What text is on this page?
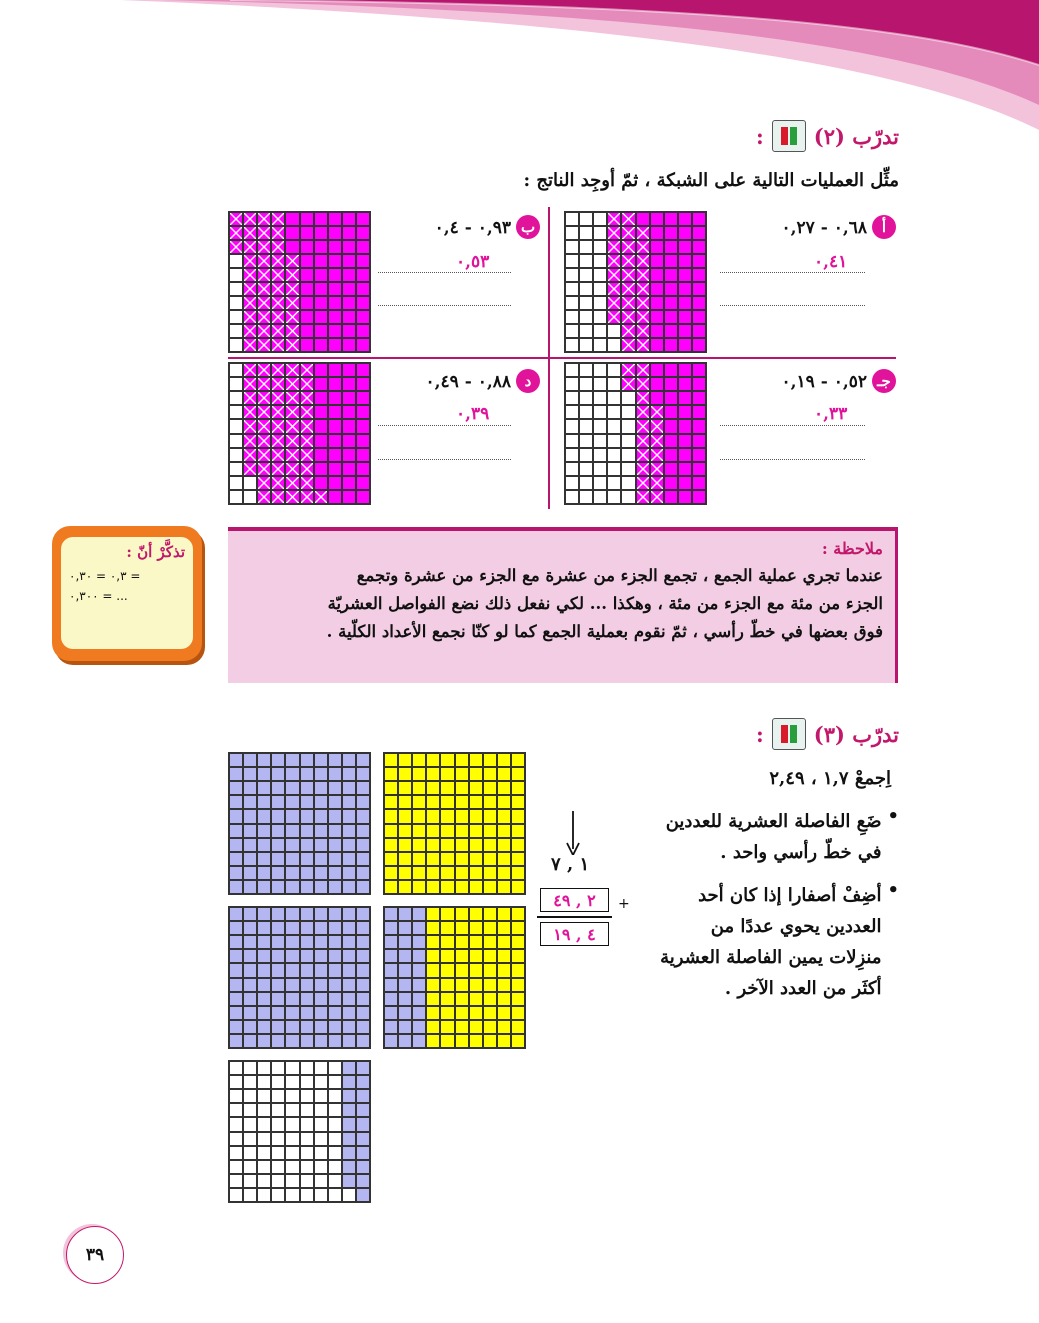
تدرّب (٢)
:
مثِّل العمليات التالية على الشبكة ، ثمّ أوجِد الناتج :
أ
٠,٦٨ - ٠,٢٧
٠,٤١
ب
٠,٩٣ - ٠,٤
٠,٥٣
جـ
٠,٥٢ - ٠,١٩
٠,٣٣
د
٠,٨٨ - ٠,٤٩
٠,٣٩
ملاحظة :
عندما تجري عملية الجمع ، تجمع الجزء من عشرة مع الجزء من عشرة وتجمع
الجزء من مئة مع الجزء من مئة ، وهكذا ... لكي نفعل ذلك نضع الفواصل العشريّة
فوق بعضها في خطّ رأسي ، ثمّ نقوم بعملية الجمع كما لو كنّا نجمع الأعداد الكلّية .
تذكَّرْ أنّ :
٠,٣ = ٠,٣٠ =
٠,٣٠٠ = ...
تدرّب (٣)
:
اِجمعْ ١,٧ ، ٢,٤٩
•
ضَعِ الفاصلة العشرية للعددين
في خطّ رأسي واحد .
•
أضِفْ أصفارا إذا كان أحد
العددين يحوي عددًا من
منزِلات يمين الفاصلة العشرية
أكثَر من العدد الآخر .
١ , ٧
٢ , ٤٩ +
٤ , ١٩
٣٩
